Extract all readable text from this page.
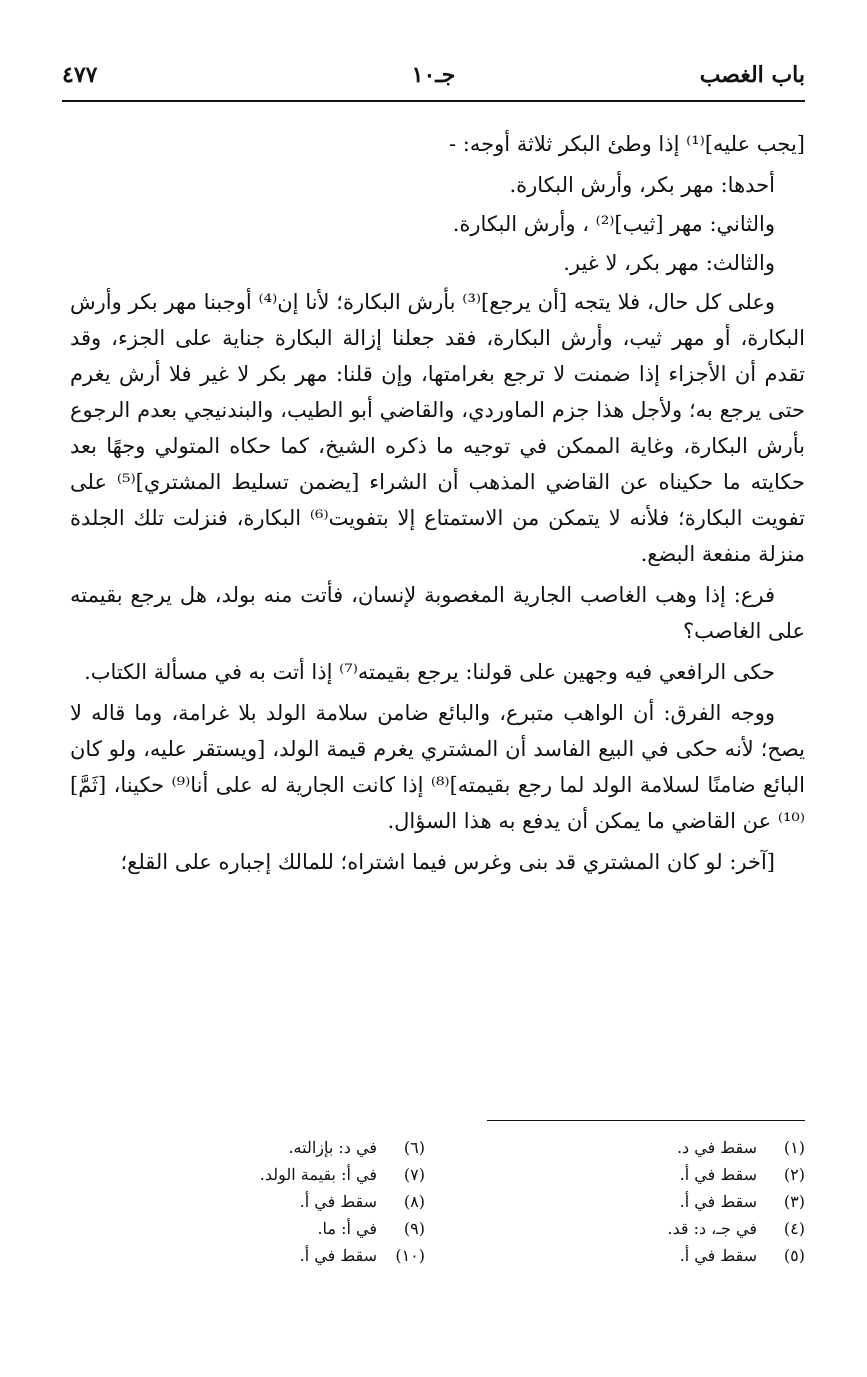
باب الغصب
جـ١٠
٤٧٧

[يجب عليه]⁽¹⁾ إذا وطئ البكر ثلاثة أوجه: -

أحدها: مهر بكر، وأرش البكارة.

والثاني: مهر [ثيب]⁽²⁾ ، وأرش البكارة.

والثالث: مهر بكر، لا غير.

وعلى كل حال، فلا يتجه [أن يرجع]⁽³⁾ بأرش البكارة؛ لأنا إن⁽⁴⁾ أوجبنا مهر بكر وأرش البكارة، أو مهر ثيب، وأرش البكارة، فقد جعلنا إزالة البكارة جناية على الجزء، وقد تقدم أن الأجزاء إذا ضمنت لا ترجع بغرامتها، وإن قلنا: مهر بكر لا غير فلا أرش يغرم حتى يرجع به؛ ولأجل هذا جزم الماوردي، والقاضي أبو الطيب، والبندنيجي بعدم الرجوع بأرش البكارة، وغاية الممكن في توجيه ما ذكره الشيخ، كما حكاه المتولي وجهًا بعد حكايته ما حكيناه عن القاضي المذهب أن الشراء [يضمن تسليط المشتري]⁽⁵⁾ على تفويت البكارة؛ فلأنه لا يتمكن من الاستمتاع إلا بتفويت⁽⁶⁾ البكارة، فنزلت تلك الجلدة منزلة منفعة البضع.

فرع: إذا وهب الغاصب الجارية المغصوبة لإنسان، فأتت منه بولد، هل يرجع بقيمته على الغاصب؟

حكى الرافعي فيه وجهين على قولنا: يرجع بقيمته⁽⁷⁾ إذا أتت به في مسألة الكتاب.

ووجه الفرق: أن الواهب متبرع، والبائع ضامن سلامة الولد بلا غرامة، وما قاله لا يصح؛ لأنه حكى في البيع الفاسد أن المشتري يغرم قيمة الولد، [ويستقر عليه، ولو كان البائع ضامنًا لسلامة الولد لما رجع بقيمته]⁽⁸⁾ إذا كانت الجارية له على أنا⁽⁹⁾ حكينا، [ثَمَّ]⁽¹⁰⁾ عن القاضي ما يمكن أن يدفع به هذا السؤال.

[آخر: لو كان المشتري قد بنى وغرس فيما اشتراه؛ للمالك إجباره على القلع؛

(١)سقط في د.
(٢)سقط في أ.
(٣)سقط في أ.
(٤)في جـ، د: قد.
(٥)سقط في أ.
(٦)في د: بإزالته.
(٧)في أ: بقيمة الولد.
(٨)سقط في أ.
(٩)في أ: ما.
(١٠)سقط في أ.
